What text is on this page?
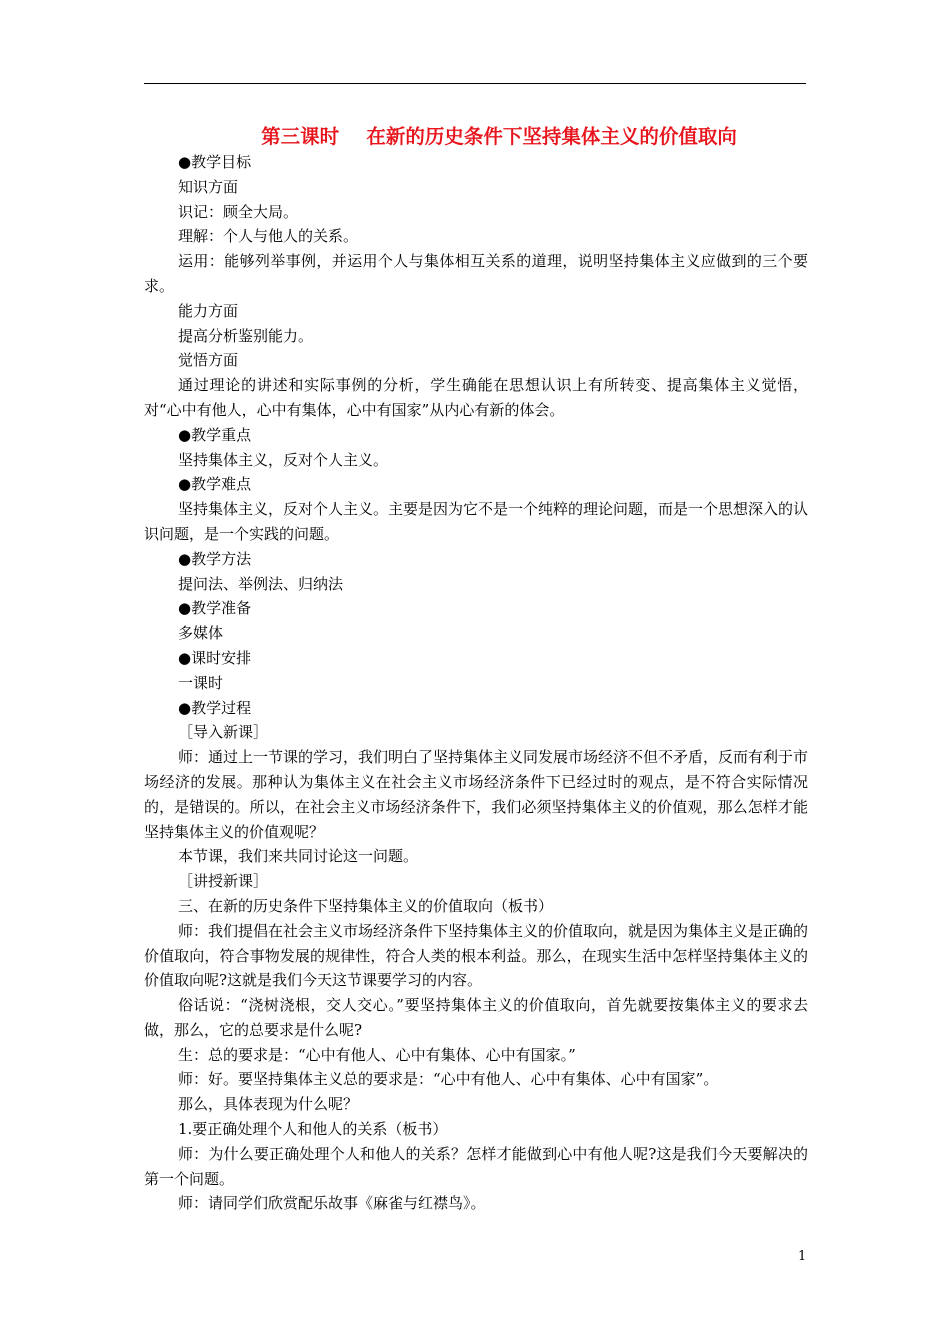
第三课时    在新的历史条件下坚持集体主义的价值取向

●教学目标

知识方面

识记：顾全大局。

理解：个人与他人的关系。

运用：能够列举事例，并运用个人与集体相互关系的道理，说明坚持集体主义应做到的三个要求。

能力方面

提高分析鉴别能力。

觉悟方面

通过理论的讲述和实际事例的分析，学生确能在思想认识上有所转变、提高集体主义觉悟，对“心中有他人，心中有集体，心中有国家”从内心有新的体会。

●教学重点

坚持集体主义，反对个人主义。

●教学难点

坚持集体主义，反对个人主义。主要是因为它不是一个纯粹的理论问题，而是一个思想深入的认识问题，是一个实践的问题。

●教学方法

提问法、举例法、归纳法

●教学准备

多媒体

●课时安排

一课时

●教学过程

［导入新课］

师：通过上一节课的学习，我们明白了坚持集体主义同发展市场经济不但不矛盾，反而有利于市场经济的发展。那种认为集体主义在社会主义市场经济条件下已经过时的观点，是不符合实际情况的，是错误的。所以，在社会主义市场经济条件下，我们必须坚持集体主义的价值观，那么怎样才能坚持集体主义的价值观呢？

本节课，我们来共同讨论这一问题。

［讲授新课］

三、在新的历史条件下坚持集体主义的价值取向（板书）

师：我们提倡在社会主义市场经济条件下坚持集体主义的价值取向，就是因为集体主义是正确的价值取向，符合事物发展的规律性，符合人类的根本利益。那么，在现实生活中怎样坚持集体主义的价值取向呢?这就是我们今天这节课要学习的内容。

俗话说：“浇树浇根，交人交心。”要坚持集体主义的价值取向，首先就要按集体主义的要求去做，那么，它的总要求是什么呢?

生：总的要求是：“心中有他人、心中有集体、心中有国家。”

师：好。要坚持集体主义总的要求是：“心中有他人、心中有集体、心中有国家”。

那么，具体表现为什么呢？

1.要正确处理个人和他人的关系（板书）

师：为什么要正确处理个人和他人的关系？怎样才能做到心中有他人呢?这是我们今天要解决的第一个问题。

师：请同学们欣赏配乐故事《麻雀与红襟鸟》。

1
